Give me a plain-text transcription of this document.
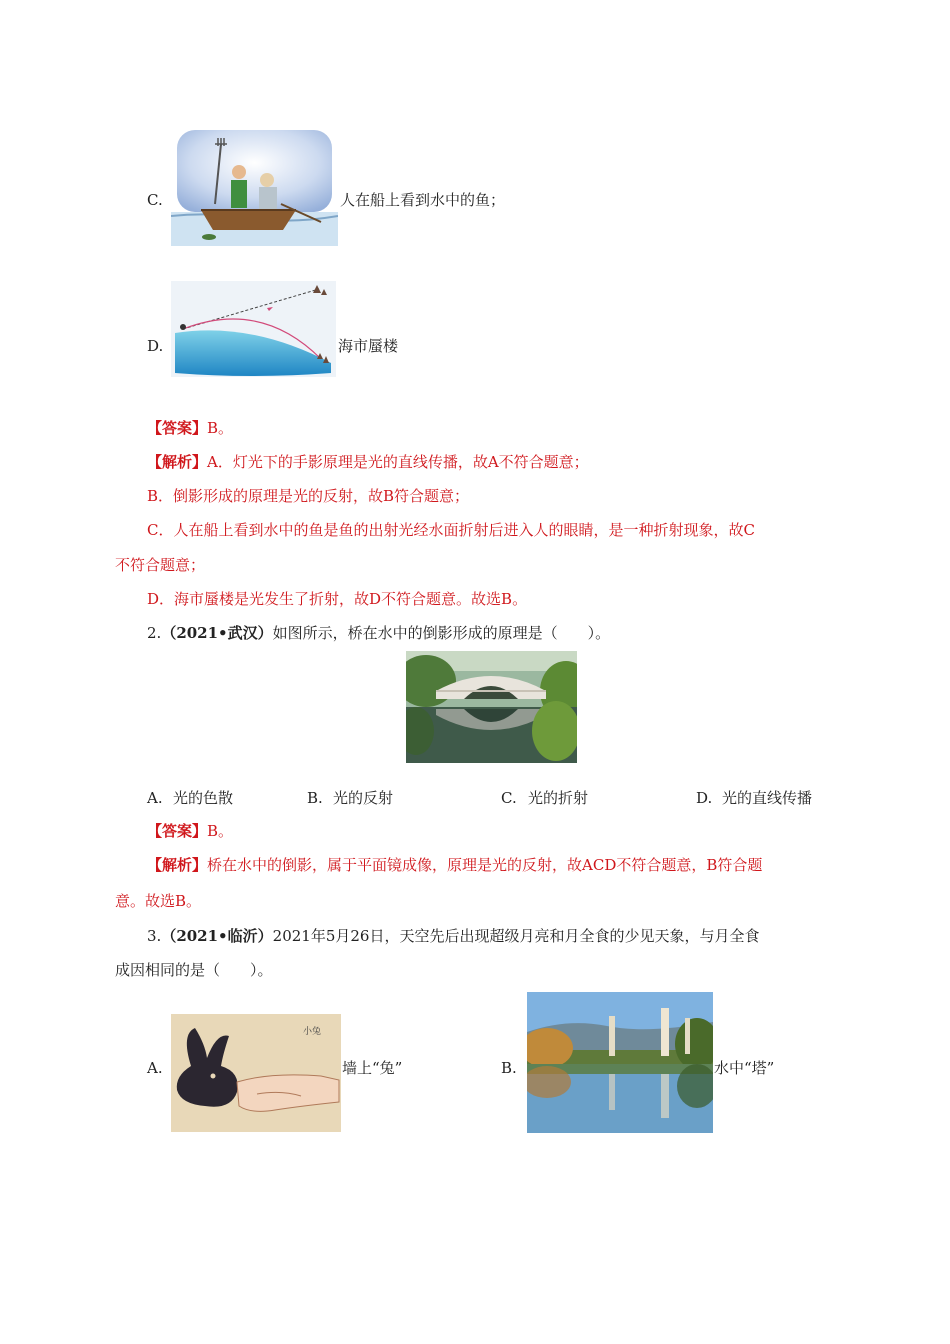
C.	人在船上看到水中的鱼；
D.	海市蜃楼
【答案】B。
【解析】A．灯光下的手影原理是光的直线传播，故A不符合题意；
B．倒影形成的原理是光的反射，故B符合题意；
C．人在船上看到水中的鱼是鱼的出射光经水面折射后进入人的眼睛，是一种折射现象，故C
不符合题意；
D．海市蜃楼是光发生了折射，故D不符合题意。故选B。
2.（2021•武汉）如图所示，桥在水中的倒影形成的原理是（　　）。
A. 光的色散	B. 光的反射	C. 光的折射	D. 光的直线传播
【答案】B。
【解析】桥在水中的倒影，属于平面镜成像，原理是光的反射，故ACD不符合题意，B符合题
意。故选B。
3.（2021•临沂）2021年5月26日，天空先后出现超级月亮和月全食的少见天象，与月全食
成因相同的是（　　）。
A.
小兔
墙上“兔”	B.	水中“塔”
